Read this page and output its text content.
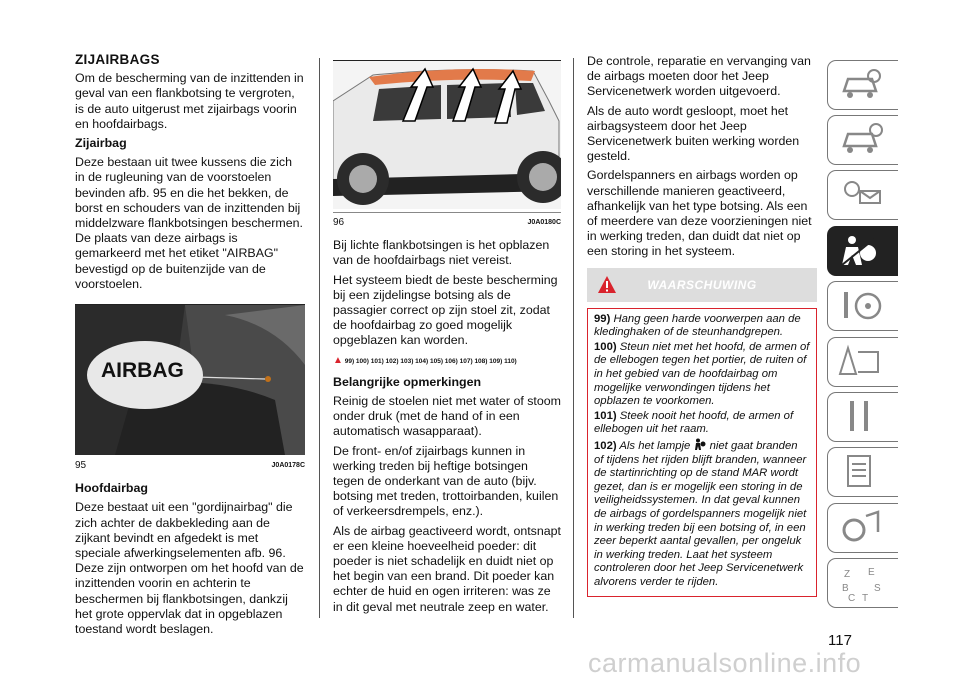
ZIJAIRBAGS

Om de bescherming van de inzittenden in geval van een flankbotsing te vergroten, is de auto uitgerust met zijairbags voorin en hoofdairbags.

Zijairbag

Deze bestaan uit twee kussens die zich in de rugleuning van de voorstoelen bevinden afb. 95 en die het bekken, de borst en schouders van de inzittenden bij middelzware flankbotsingen beschermen. De plaats van deze airbags is gemarkeerd met het etiket "AIRBAG" bevestigd op de buitenzijde van de voorstoelen.

AIRBAG
95	J0A0178C

Hoofdairbag

Deze bestaat uit een "gordijnairbag" die zich achter de dakbekleding aan de zijkant bevindt en afgedekt is met speciale afwerkingselementen afb. 96. Deze zijn ontworpen om het hoofd van de inzittenden voorin en achterin te beschermen bij flankbotsingen, dankzij het grote oppervlak dat in opgeblazen toestand wordt beslagen.

96	J0A0180C

Bij lichte flankbotsingen is het opblazen van de hoofdairbags niet vereist.

Het systeem biedt de beste bescherming bij een zijdelingse botsing als de passagier correct op zijn stoel zit, zodat de hoofdairbag zo goed mogelijk opgeblazen kan worden.

▲ 99) 100) 101) 102) 103) 104) 105) 106) 107) 108) 109) 110)

Belangrijke opmerkingen

Reinig de stoelen niet met water of stoom onder druk (met de hand of in een automatisch wasapparaat).

De front- en/of zijairbags kunnen in werking treden bij heftige botsingen tegen de onderkant van de auto (bijv. botsing met treden, trottoirbanden, kuilen of verkeersdrempels, enz.).

Als de airbag geactiveerd wordt, ontsnapt er een kleine hoeveelheid poeder: dit poeder is niet schadelijk en duidt niet op het begin van een brand. Dit poeder kan echter de huid en ogen irriteren: was ze in dit geval met neutrale zeep en water.

De controle, reparatie en vervanging van de airbags moeten door het Jeep Servicenetwerk worden uitgevoerd.

Als de auto wordt gesloopt, moet het airbagsysteem door het Jeep Servicenetwerk buiten werking worden gesteld.

Gordelspanners en airbags worden op verschillende manieren geactiveerd, afhankelijk van het type botsing. Als een of meerdere van deze voorzieningen niet in werking treden, dan duidt dat niet op een storing in het systeem.

WAARSCHUWING

99) Hang geen harde voorwerpen aan de kledinghaken of de steunhandgrepen.

100) Steun niet met het hoofd, de armen of de ellebogen tegen het portier, de ruiten of in het gebied van de hoofdairbag om mogelijke verwondingen tijdens het opblazen te voorkomen.

101) Steek nooit het hoofd, de armen of ellebogen uit het raam.

102) Als het lampje niet gaat branden of tijdens het rijden blijft branden, wanneer de startinrichting op de stand MAR wordt gezet, dan is er mogelijk een storing in de veiligheidssystemen. In dat geval kunnen de airbags of gordelspanners mogelijk niet in werking treden bij een botsing of, in een zeer beperkt aantal gevallen, per ongeluk in werking treden. Laat het systeem controleren door het Jeep Servicenetwerk alvorens verder te rijden.

Z E
B
C T
S
117
carmanualsonline.info
